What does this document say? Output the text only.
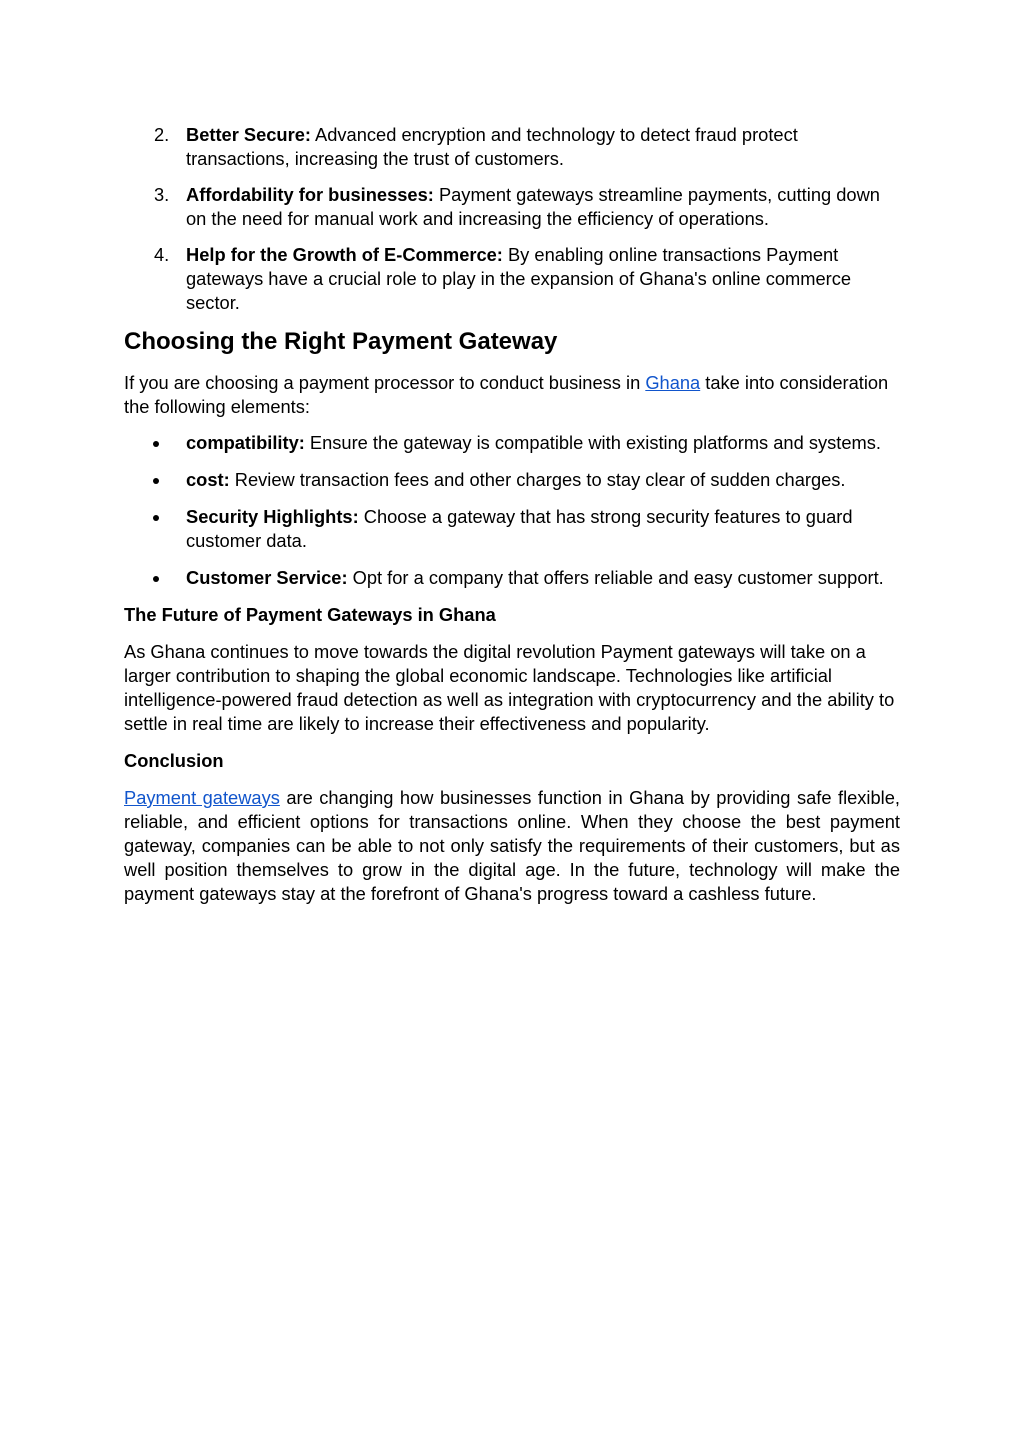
2. Better Secure: Advanced encryption and technology to detect fraud protect transactions, increasing the trust of customers.
3. Affordability for businesses: Payment gateways streamline payments, cutting down on the need for manual work and increasing the efficiency of operations.
4. Help for the Growth of E-Commerce: By enabling online transactions Payment gateways have a crucial role to play in the expansion of Ghana's online commerce sector.
Choosing the Right Payment Gateway

If you are choosing a payment processor to conduct business in Ghana take into consideration the following elements:

compatibility: Ensure the gateway is compatible with existing platforms and systems.
cost: Review transaction fees and other charges to stay clear of sudden charges.
Security Highlights: Choose a gateway that has strong security features to guard customer data.
Customer Service: Opt for a company that offers reliable and easy customer support.
The Future of Payment Gateways in Ghana

As Ghana continues to move towards the digital revolution Payment gateways will take on a larger contribution to shaping the global economic landscape. Technologies like artificial intelligence-powered fraud detection as well as integration with cryptocurrency and the ability to settle in real time are likely to increase their effectiveness and popularity.

Conclusion

Payment gateways are changing how businesses function in Ghana by providing safe flexible, reliable, and efficient options for transactions online. When they choose the best payment gateway, companies can be able to not only satisfy the requirements of their customers, but as well position themselves to grow in the digital age. In the future, technology will make the payment gateways stay at the forefront of Ghana's progress toward a cashless future.
